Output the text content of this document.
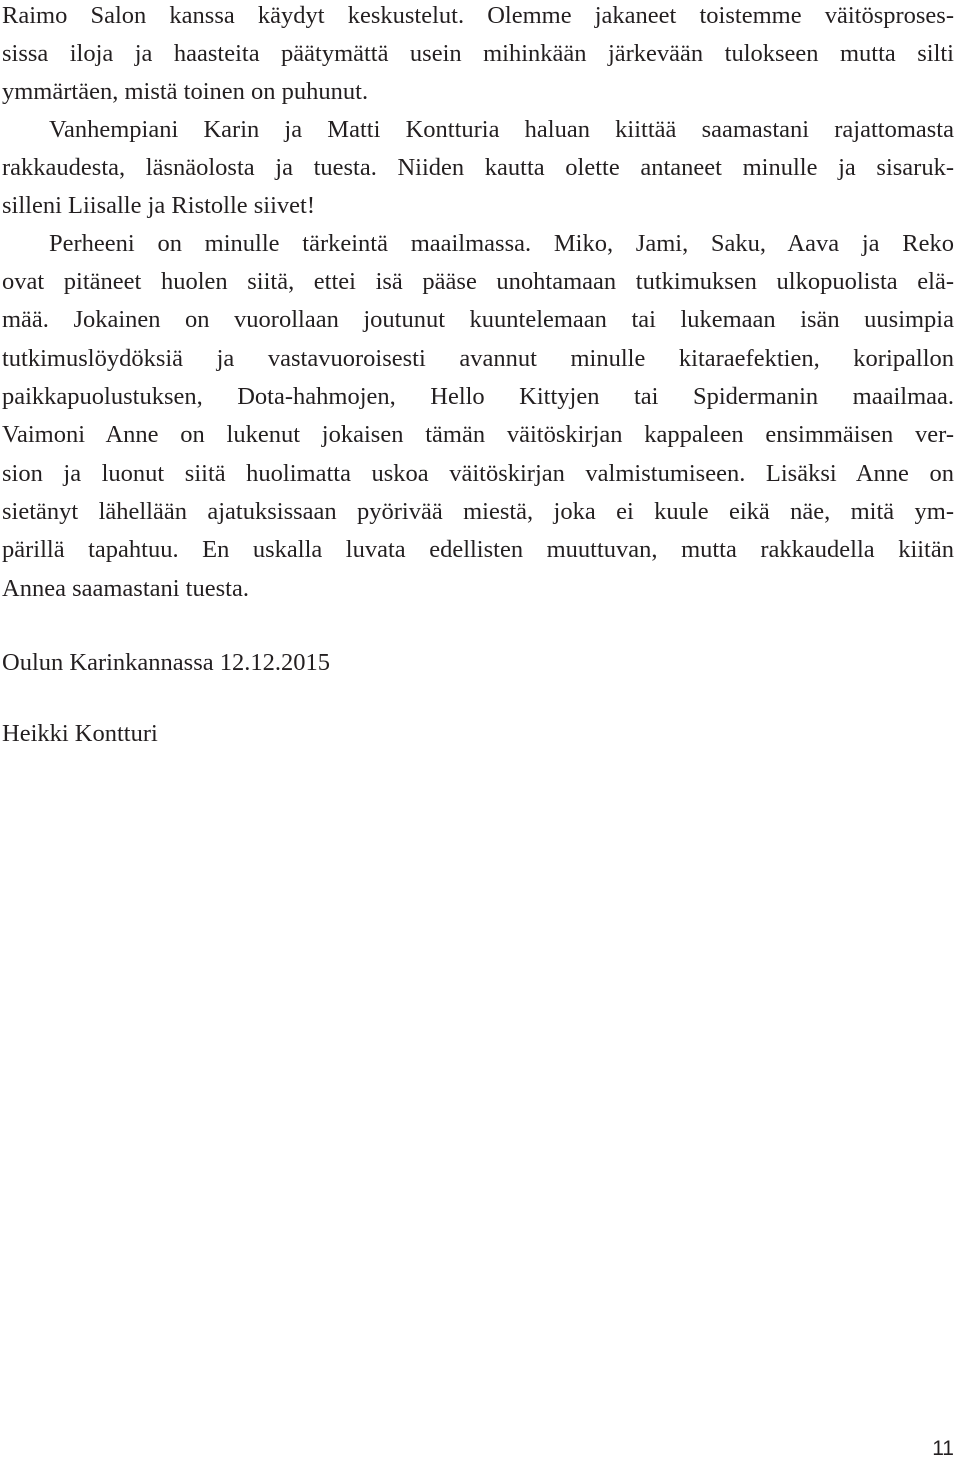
Raimo Salon kanssa käydyt keskustelut. Olemme jakaneet toistemme väitösproses-
sissa iloja ja haasteita päätymättä usein mihinkään järkevään tulokseen mutta silti
ymmärtäen, mistä toinen on puhunut.
Vanhempiani Karin ja Matti Kontturia haluan kiittää saamastani rajattomasta
rakkaudesta, läsnäolosta ja tuesta. Niiden kautta olette antaneet minulle ja sisaruk-
silleni Liisalle ja Ristolle siivet!
Perheeni on minulle tärkeintä maailmassa. Miko, Jami, Saku, Aava ja Reko
ovat pitäneet huolen siitä, ettei isä pääse unohtamaan tutkimuksen ulkopuolista elä-
mää. Jokainen on vuorollaan joutunut kuuntelemaan tai lukemaan isän uusimpia
tutkimuslöydöksiä ja vastavuoroisesti avannut minulle kitaraefektien, koripallon
paikkapuolustuksen, Dota-hahmojen, Hello Kittyjen tai Spidermanin maailmaa.
Vaimoni Anne on lukenut jokaisen tämän väitöskirjan kappaleen ensimmäisen ver-
sion ja luonut siitä huolimatta uskoa väitöskirjan valmistumiseen. Lisäksi Anne on
sietänyt lähellään ajatuksissaan pyörivää miestä, joka ei kuule eikä näe, mitä ym-
pärillä tapahtuu. En uskalla luvata edellisten muuttuvan, mutta rakkaudella kiitän
Annea saamastani tuesta.
Oulun Karinkannassa 12.12.2015
Heikki Kontturi
11
